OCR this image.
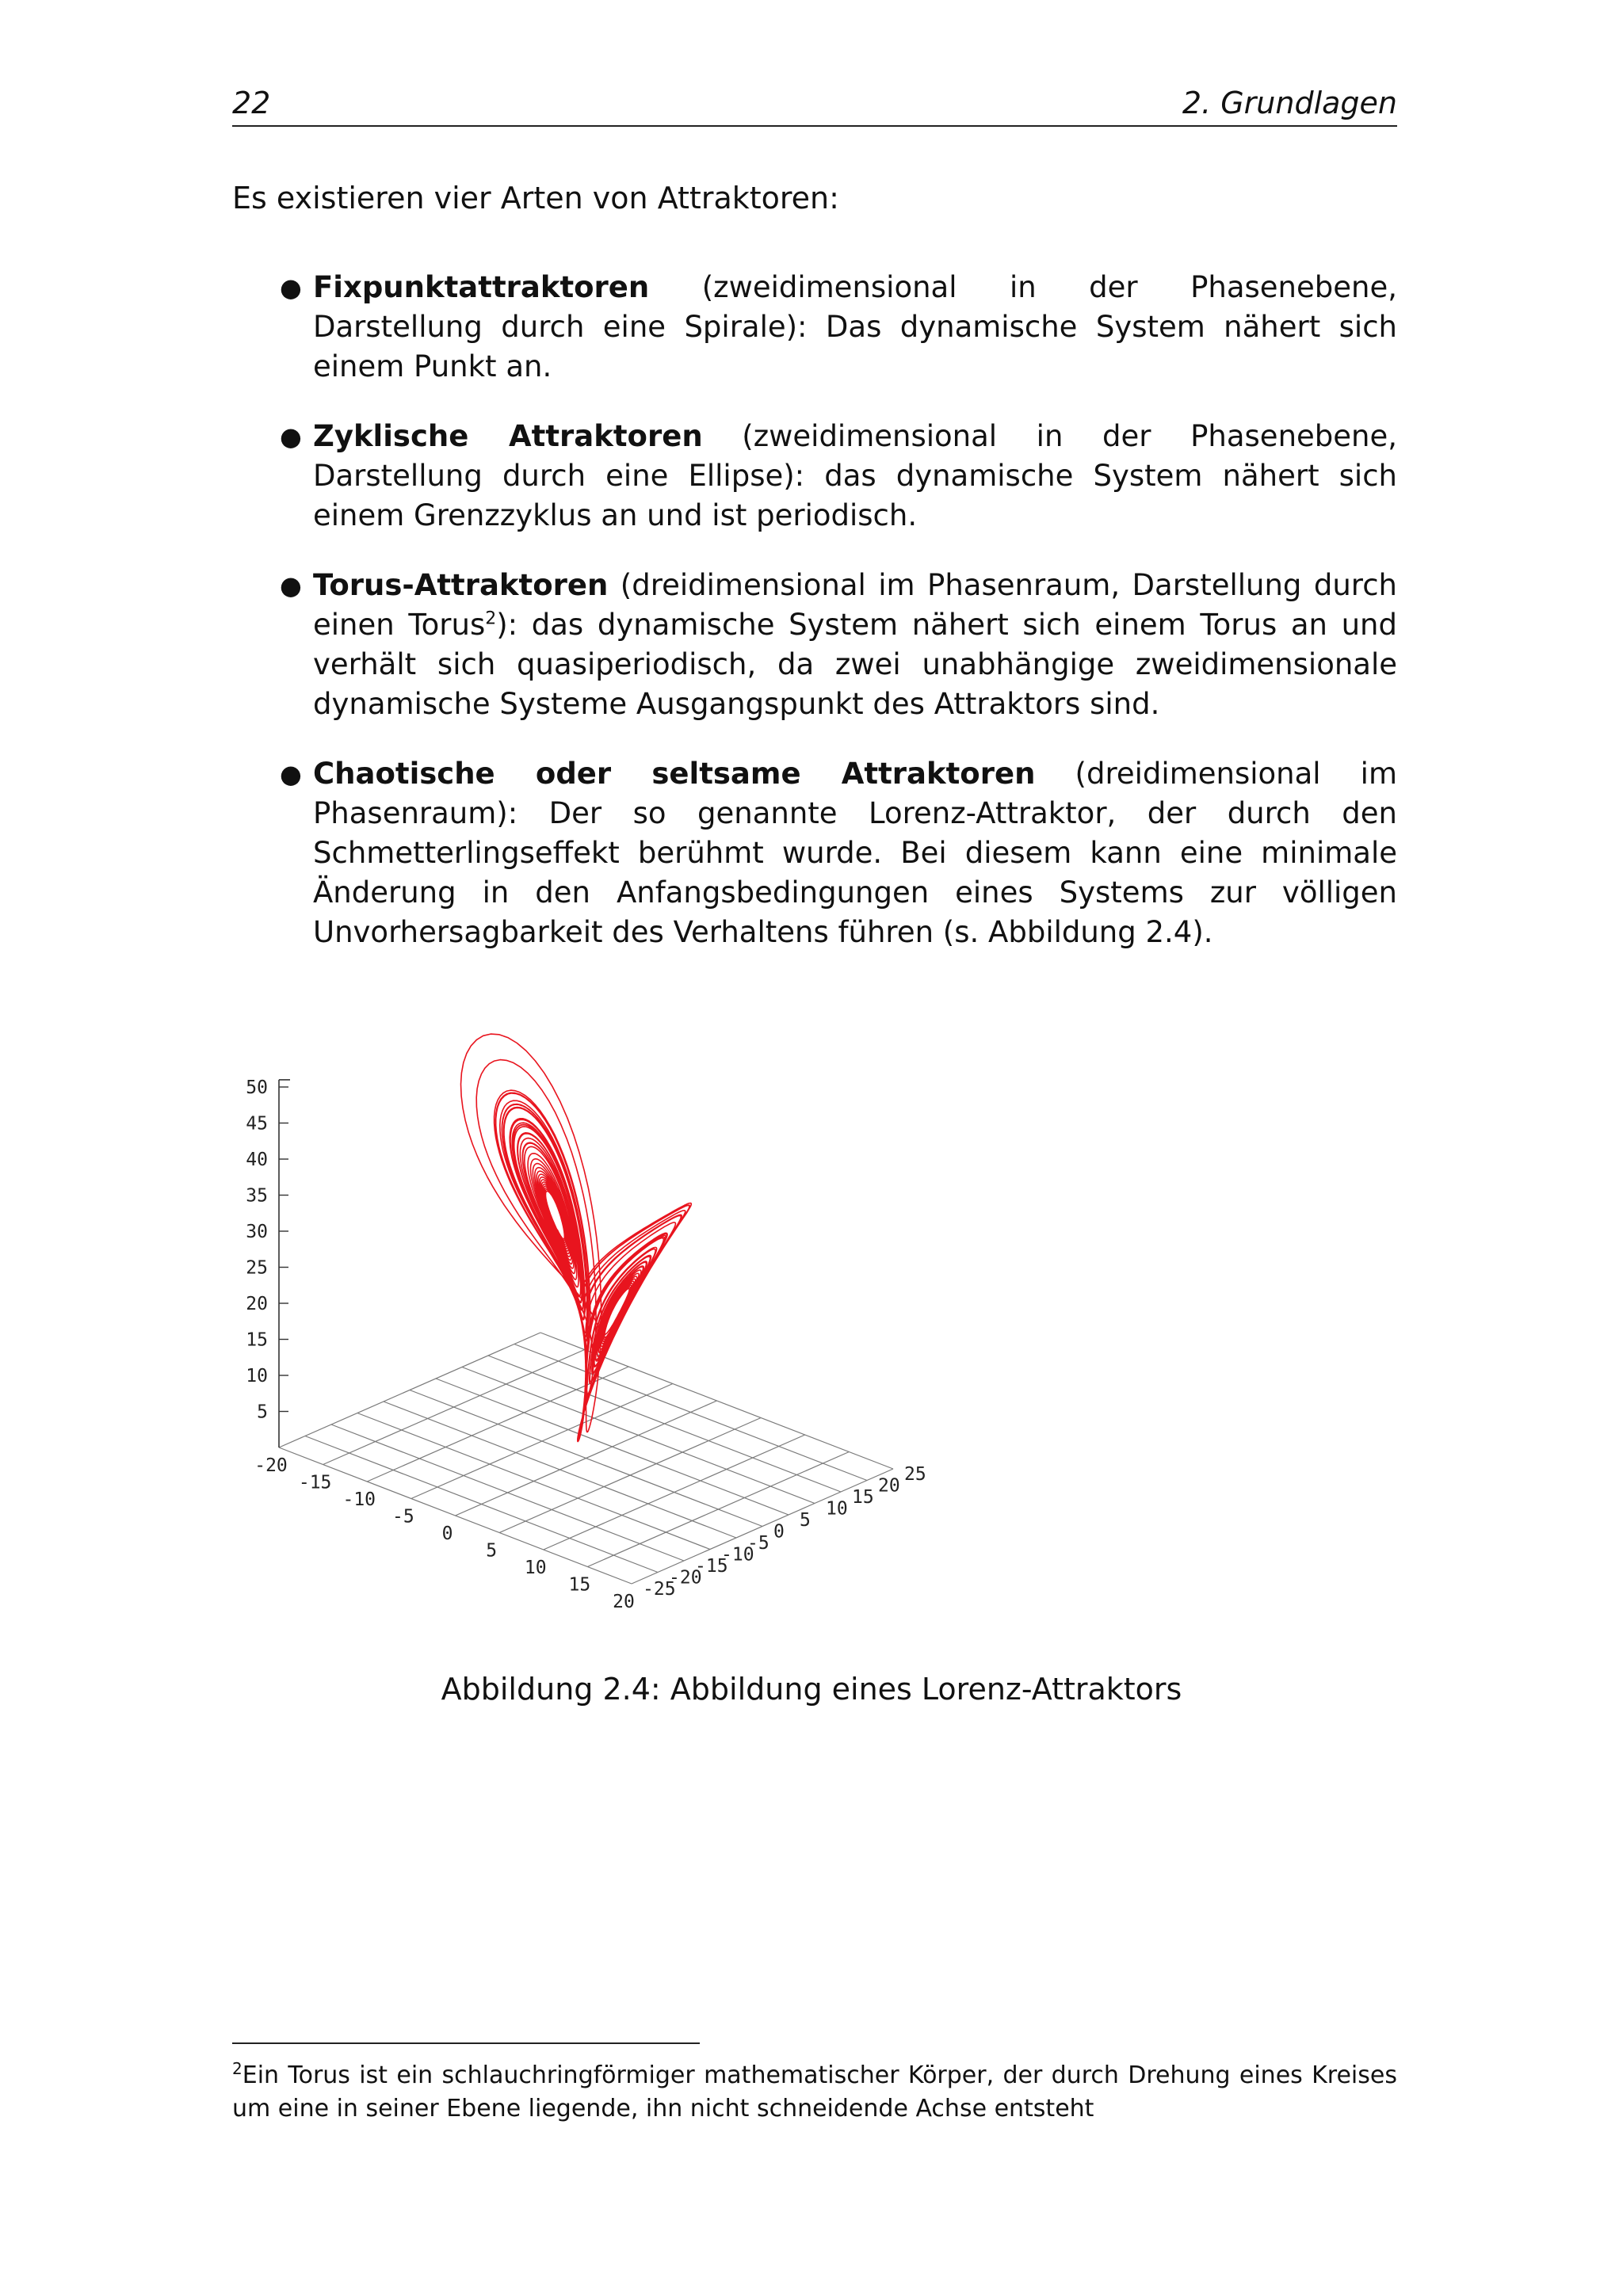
22	2. Grundlagen
Es existieren vier Arten von Attraktoren:
● Fixpunktattraktoren (zweidimensional in der Phasenebene, Darstellung durch eine Spirale): Das dynamische System nähert sich einem Punkt an.
● Zyklische Attraktoren (zweidimensional in der Phasenebene, Darstellung durch eine Ellipse): das dynamische System nähert sich einem Grenzzyklus an und ist periodisch.
● Torus-Attraktoren (dreidimensional im Phasenraum, Darstellung durch einen Torus$^2$): das dynamische System nähert sich einem Torus an und verhält sich quasiperiodisch, da zwei unabhängige zweidimensionale dynamische Systeme Ausgangspunkt des Attraktors sind.
● Chaotische oder seltsame Attraktoren (dreidimensional im Phasenraum): Der so genannte Lorenz-Attraktor, der durch den Schmetterlingseffekt berühmt wurde. Bei diesem kann eine minimale Änderung in den Anfangsbedingungen eines Systems zur völligen Unvorhersagbarkeit des Verhaltens führen (s. Abbildung 2.4).
5
10
15
20
25
30
35
40
45
50
-20
-15
-10
-5
0
5
10
15
20
-25
-20
-15
-10
-5
0
5
10
15
20
25
Abbildung 2.4: Abbildung eines Lorenz-Attraktors
$^2$Ein Torus ist ein schlauchringförmiger mathematischer Körper, der durch Drehung eines Kreises um eine in seiner Ebene liegende, ihn nicht schneidende Achse entsteht
